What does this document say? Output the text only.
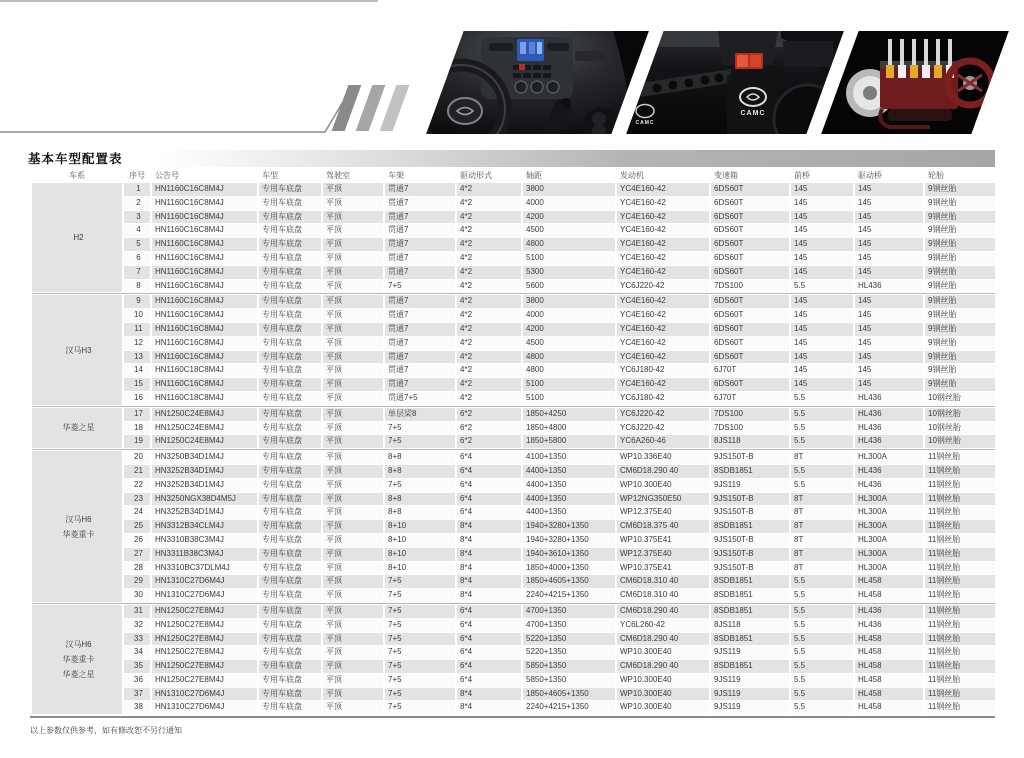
CAMC
CAMC
基本车型配置表
车系	序号	公告号	车型	驾驶室	车架	驱动形式	轴距	发动机	变速箱	前桥	驱动桥	轮胎

H2	1	HN1160C16C8M4J	专用车底盘	平顶	贯通7	4*2	3800	YC4E160-42	6DS60T	145	145	9钢丝胎
	2	HN1160C16C8M4J	专用车底盘	平顶	贯通7	4*2	4000	YC4E160-42	6DS60T	145	145	9钢丝胎
	3	HN1160C16C8M4J	专用车底盘	平顶	贯通7	4*2	4200	YC4E160-42	6DS60T	145	145	9钢丝胎
	4	HN1160C16C8M4J	专用车底盘	平顶	贯通7	4*2	4500	YC4E160-42	6DS60T	145	145	9钢丝胎
	5	HN1160C16C8M4J	专用车底盘	平顶	贯通7	4*2	4800	YC4E160-42	6DS60T	145	145	9钢丝胎
	6	HN1160C16C8M4J	专用车底盘	平顶	贯通7	4*2	5100	YC4E160-42	6DS60T	145	145	9钢丝胎
	7	HN1160C16C8M4J	专用车底盘	平顶	贯通7	4*2	5300	YC4E160-42	6DS60T	145	145	9钢丝胎
	8	HN1160C16C8M4J	专用车底盘	平顶	7+5	4*2	5600	YC6J220-42	7DS100	5.5	HL436	9钢丝胎

汉马H3	9	HN1160C16C8M4J	专用车底盘	平顶	贯通7	4*2	3800	YC4E160-42	6DS60T	145	145	9钢丝胎
	10	HN1160C16C8M4J	专用车底盘	平顶	贯通7	4*2	4000	YC4E160-42	6DS60T	145	145	9钢丝胎
	11	HN1160C16C8M4J	专用车底盘	平顶	贯通7	4*2	4200	YC4E160-42	6DS60T	145	145	9钢丝胎
	12	HN1160C16C8M4J	专用车底盘	平顶	贯通7	4*2	4500	YC4E160-42	6DS60T	145	145	9钢丝胎
	13	HN1160C16C8M4J	专用车底盘	平顶	贯通7	4*2	4800	YC4E160-42	6DS60T	145	145	9钢丝胎
	14	HN1160C18C8M4J	专用车底盘	平顶	贯通7	4*2	4800	YC6J180-42	6J70T	145	145	9钢丝胎
	15	HN1160C16C8M4J	专用车底盘	平顶	贯通7	4*2	5100	YC4E160-42	6DS60T	145	145	9钢丝胎
	16	HN1160C18C8M4J	专用车底盘	平顶	贯通7+5	4*2	5100	YC6J180-42	6J70T	5.5	HL436	10钢丝胎

华菱之星	17	HN1250C24E8M4J	专用车底盘	平顶	单层梁8	6*2	1850+4250	YC6J220-42	7DS100	5.5	HL436	10钢丝胎
	18	HN1250C24E8M4J	专用车底盘	平顶	7+5	6*2	1850+4800	YC6J220-42	7DS100	5.5	HL436	10钢丝胎
	19	HN1250C24E8M4J	专用车底盘	平顶	7+5	6*2	1850+5800	YC6A260-46	8JS118	5.5	HL436	10钢丝胎

汉马H6
华菱重卡	20	HN3250B34D1M4J	专用车底盘	平顶	8+8	6*4	4100+1350	WP10.336E40	9JS150T-B	8T	HL300A	11钢丝胎
	21	HN3252B34D1M4J	专用车底盘	平顶	8+8	6*4	4400+1350	CM6D18.290 40	8SDB1851	5.5	HL436	11钢丝胎
	22	HN3252B34D1M4J	专用车底盘	平顶	7+5	6*4	4400+1350	WP10.300E40	9JS119	5.5	HL436	11钢丝胎
	23	HN3250NGX38D4M5J	专用车底盘	平顶	8+8	6*4	4400+1350	WP12NG350E50	9JS150T-B	8T	HL300A	11钢丝胎
	24	HN3252B34D1M4J	专用车底盘	平顶	8+8	6*4	4400+1350	WP12.375E40	9JS150T-B	8T	HL300A	11钢丝胎
	25	HN3312B34CLM4J	专用车底盘	平顶	8+10	8*4	1940+3280+1350	CM6D18.375 40	8SDB1851	8T	HL300A	11钢丝胎
	26	HN3310B38C3M4J	专用车底盘	平顶	8+10	8*4	1940+3280+1350	WP10.375E41	9JS150T-B	8T	HL300A	11钢丝胎
	27	HN3311B38C3M4J	专用车底盘	平顶	8+10	8*4	1940+3610+1350	WP12.375E40	9JS150T-B	8T	HL300A	11钢丝胎
	28	HN3310BC37DLM4J	专用车底盘	平顶	8+10	8*4	1850+4000+1350	WP10.375E41	9JS150T-B	8T	HL300A	11钢丝胎
	29	HN1310C27D6M4J	专用车底盘	平顶	7+5	8*4	1850+4605+1350	CM6D18.310 40	8SDB1851	5.5	HL458	11钢丝胎
	30	HN1310C27D6M4J	专用车底盘	平顶	7+5	8*4	2240+4215+1350	CM6D18.310 40	8SDB1851	5.5	HL458	11钢丝胎

汉马H6
华菱重卡
华菱之星	31	HN1250C27E8M4J	专用车底盘	平顶	7+5	6*4	4700+1350	CM6D18.290 40	8SDB1851	5.5	HL436	11钢丝胎
	32	HN1250C27E8M4J	专用车底盘	平顶	7+5	6*4	4700+1350	YC6L260-42	8JS118	5.5	HL436	11钢丝胎
	33	HN1250C27E8M4J	专用车底盘	平顶	7+5	6*4	5220+1350	CM6D18.290 40	8SDB1851	5.5	HL458	11钢丝胎
	34	HN1250C27E8M4J	专用车底盘	平顶	7+5	6*4	5220+1350	WP10.300E40	9JS119	5.5	HL458	11钢丝胎
	35	HN1250C27E8M4J	专用车底盘	平顶	7+5	6*4	5850+1350	CM6D18.290 40	8SDB1851	5.5	HL458	11钢丝胎
	36	HN1250C27E8M4J	专用车底盘	平顶	7+5	6*4	5850+1350	WP10.300E40	9JS119	5.5	HL458	11钢丝胎
	37	HN1310C27D6M4J	专用车底盘	平顶	7+5	8*4	1850+4605+1350	WP10.300E40	9JS119	5.5	HL458	11钢丝胎
	38	HN1310C27D6M4J	专用车底盘	平顶	7+5	8*4	2240+4215+1350	WP10.300E40	9JS119	5.5	HL458	11钢丝胎
以上参数仅供参考，如有修改恕不另行通知
